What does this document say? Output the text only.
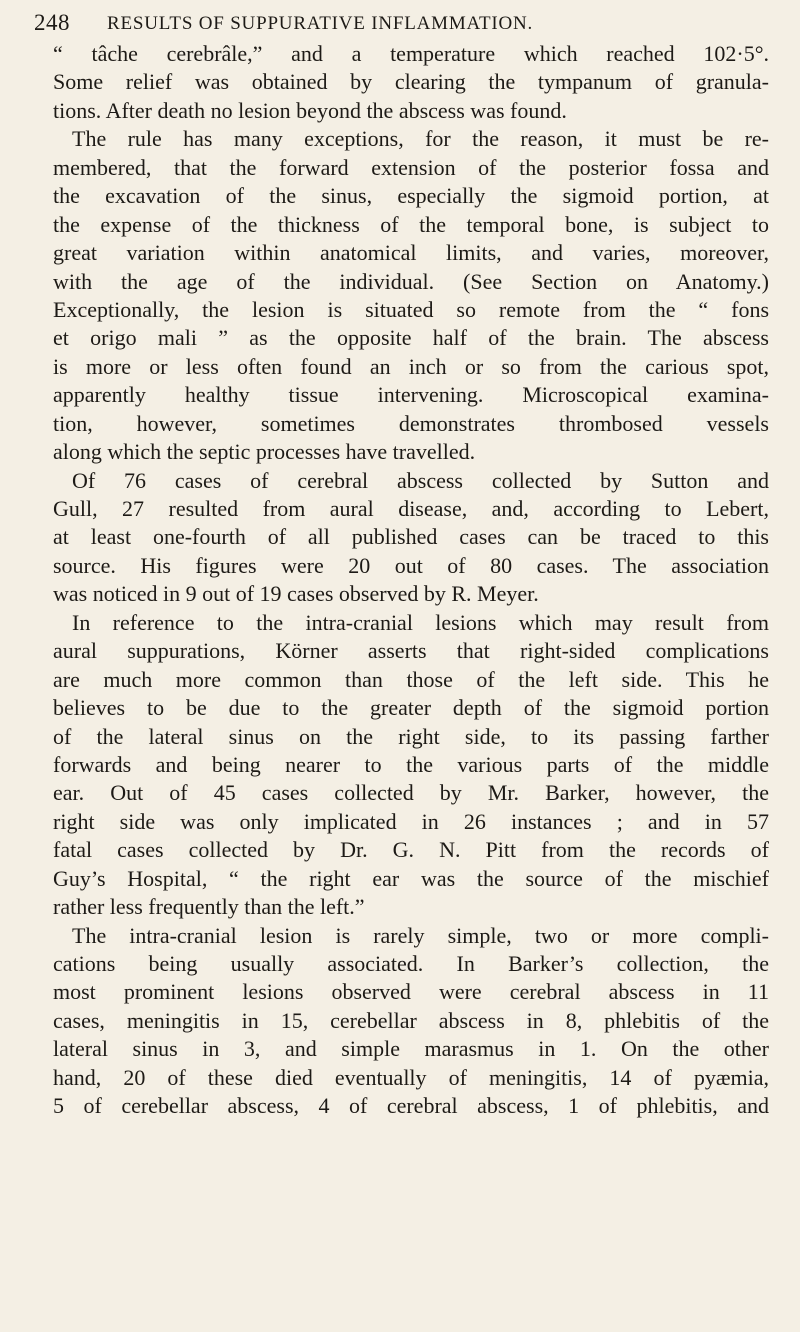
248 RESULTS OF SUPPURATIVE INFLAMMATION.
“ tâche cerebrâle,” and a temperature which reached 102·5°.
Some relief was obtained by clearing the tympanum of granula-
tions. After death no lesion beyond the abscess was found.
The rule has many exceptions, for the reason, it must be re-
membered, that the forward extension of the posterior fossa and
the excavation of the sinus, especially the sigmoid portion, at
the expense of the thickness of the temporal bone, is subject to
great variation within anatomical limits, and varies, moreover,
with the age of the individual. (See Section on Anatomy.)
Exceptionally, the lesion is situated so remote from the “ fons
et origo mali ” as the opposite half of the brain. The abscess
is more or less often found an inch or so from the carious spot,
apparently healthy tissue intervening. Microscopical examina-
tion, however, sometimes demonstrates thrombosed vessels
along which the septic processes have travelled.
Of 76 cases of cerebral abscess collected by Sutton and
Gull, 27 resulted from aural disease, and, according to Lebert,
at least one-fourth of all published cases can be traced to this
source. His figures were 20 out of 80 cases. The association
was noticed in 9 out of 19 cases observed by R. Meyer.
In reference to the intra-cranial lesions which may result from
aural suppurations, Körner asserts that right-sided complications
are much more common than those of the left side. This he
believes to be due to the greater depth of the sigmoid portion
of the lateral sinus on the right side, to its passing farther
forwards and being nearer to the various parts of the middle
ear. Out of 45 cases collected by Mr. Barker, however, the
right side was only implicated in 26 instances ; and in 57
fatal cases collected by Dr. G. N. Pitt from the records of
Guy’s Hospital, “ the right ear was the source of the mischief
rather less frequently than the left.”
The intra-cranial lesion is rarely simple, two or more compli-
cations being usually associated. In Barker’s collection, the
most prominent lesions observed were cerebral abscess in 11
cases, meningitis in 15, cerebellar abscess in 8, phlebitis of the
lateral sinus in 3, and simple marasmus in 1. On the other
hand, 20 of these died eventually of meningitis, 14 of pyæmia,
5 of cerebellar abscess, 4 of cerebral abscess, 1 of phlebitis, and
